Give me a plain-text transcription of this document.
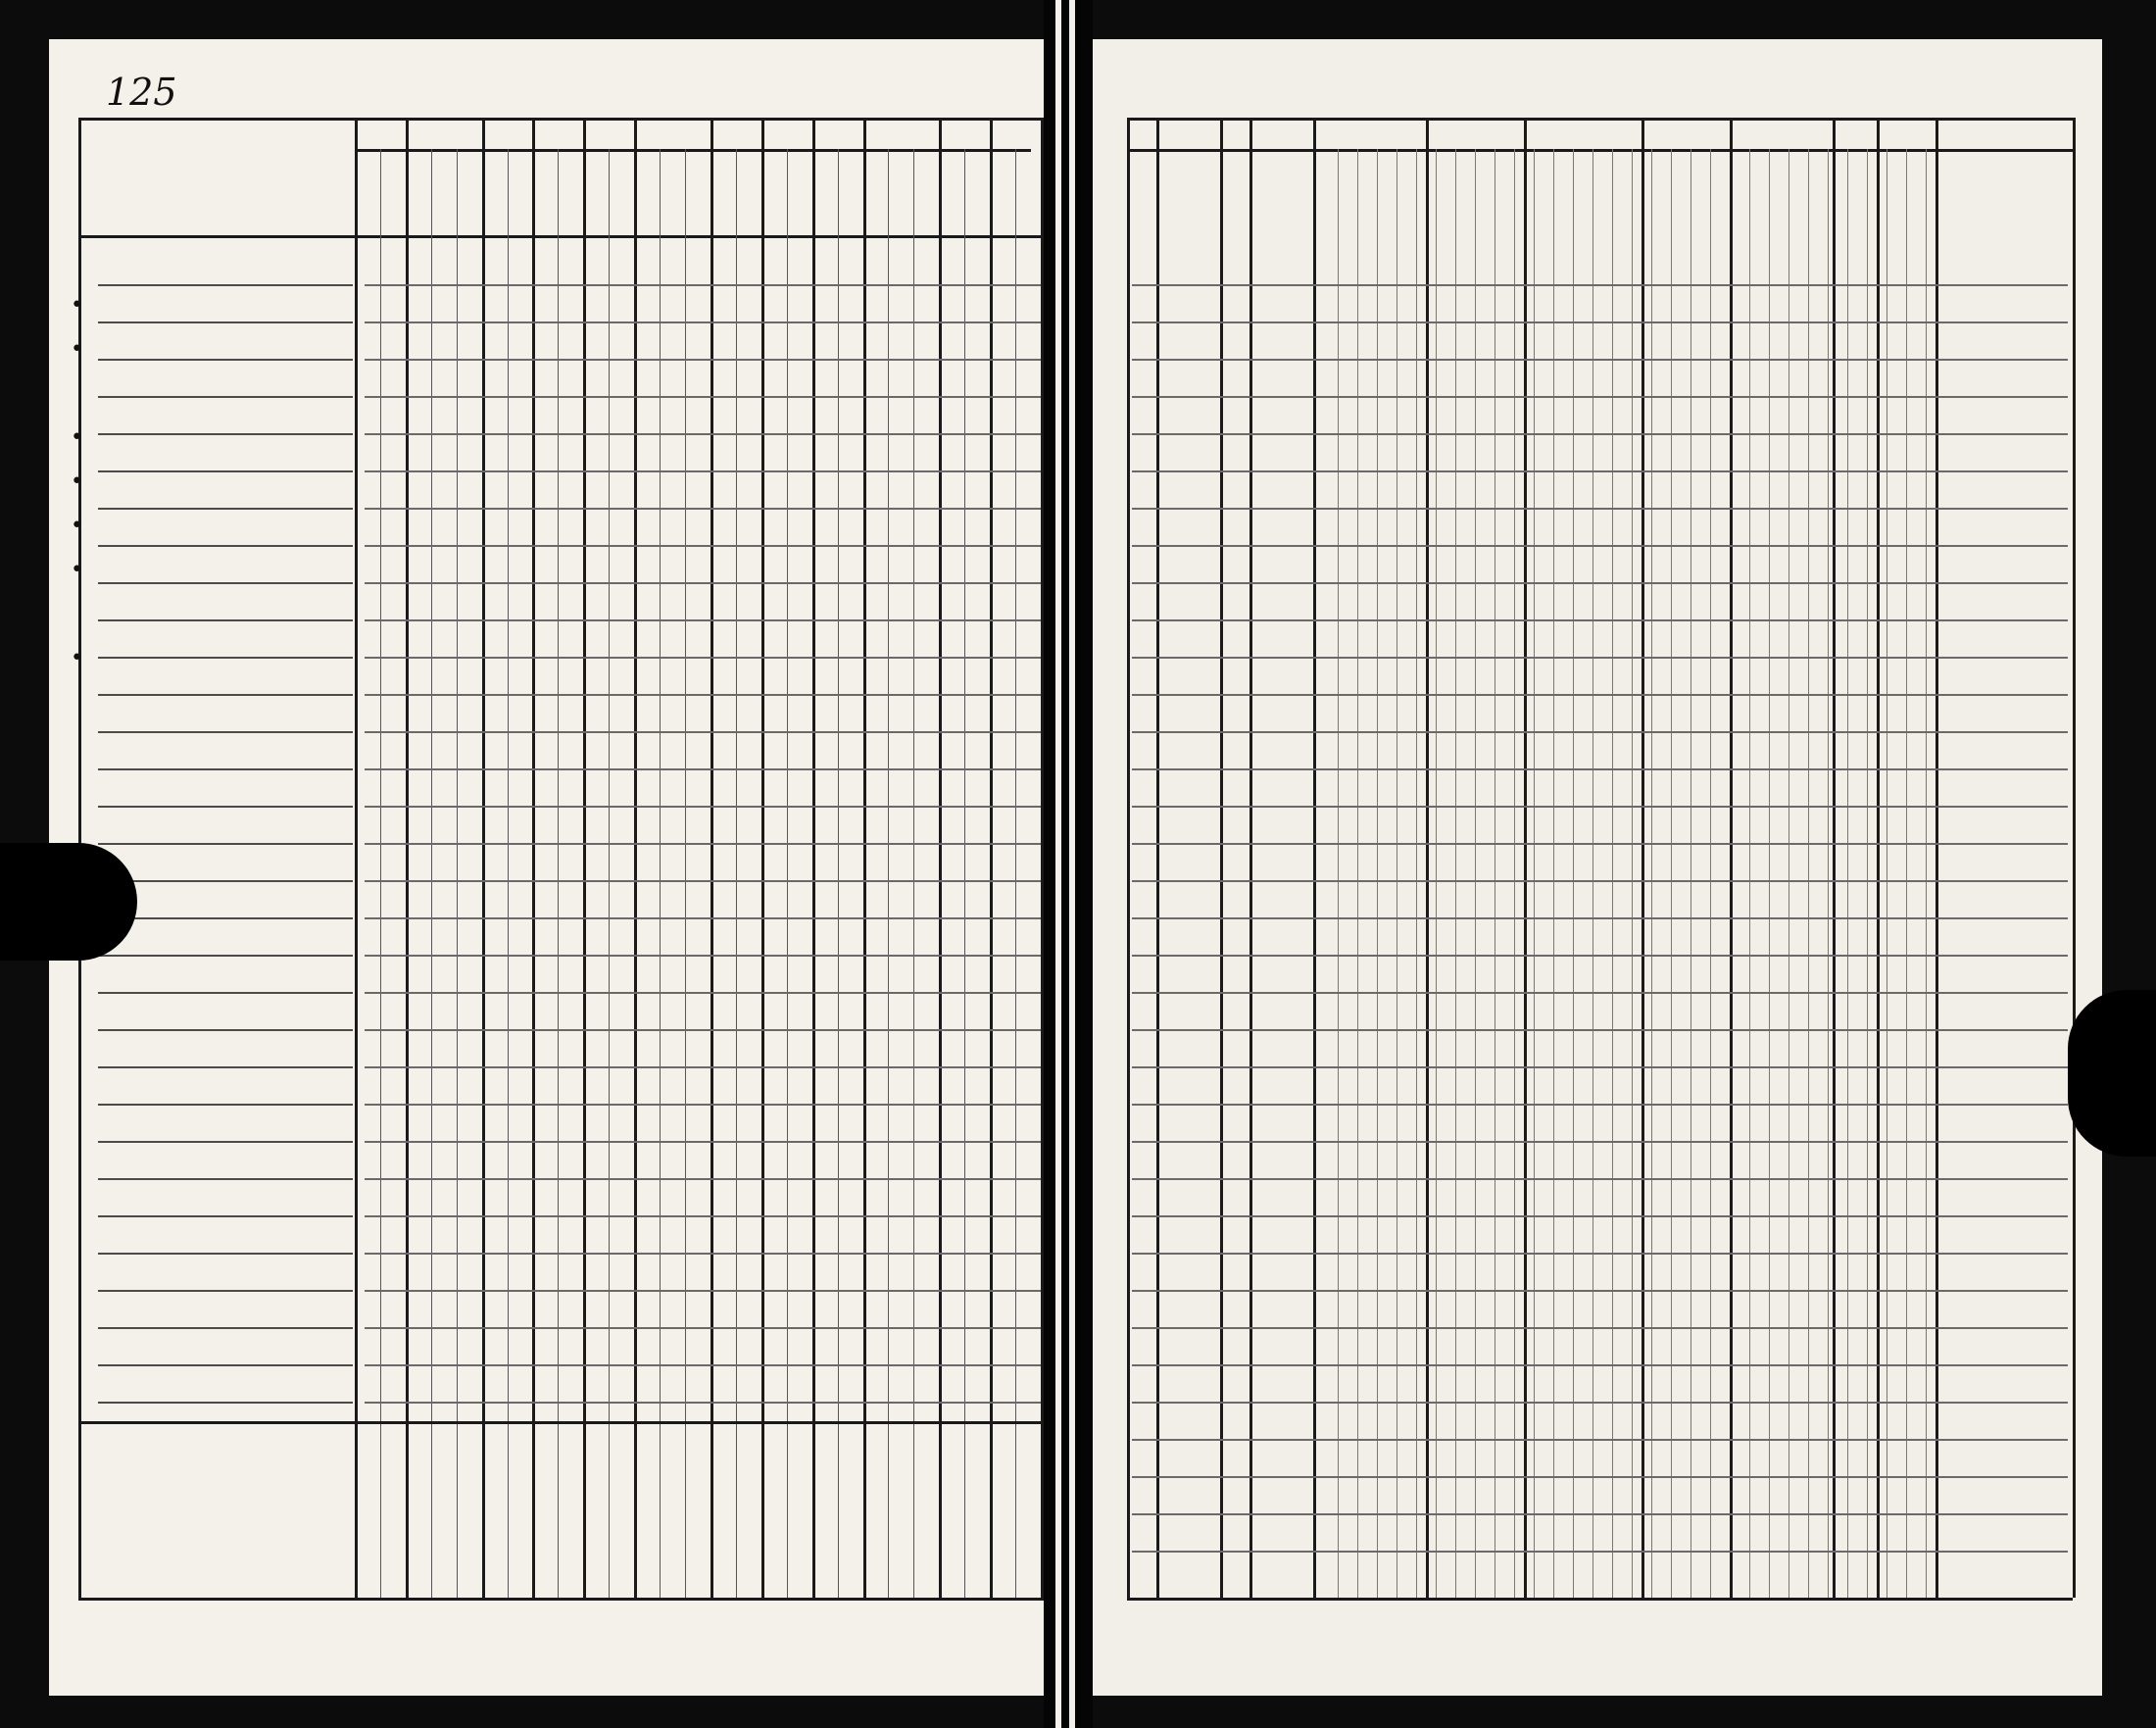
125
•
•
•
•
•
•
•
